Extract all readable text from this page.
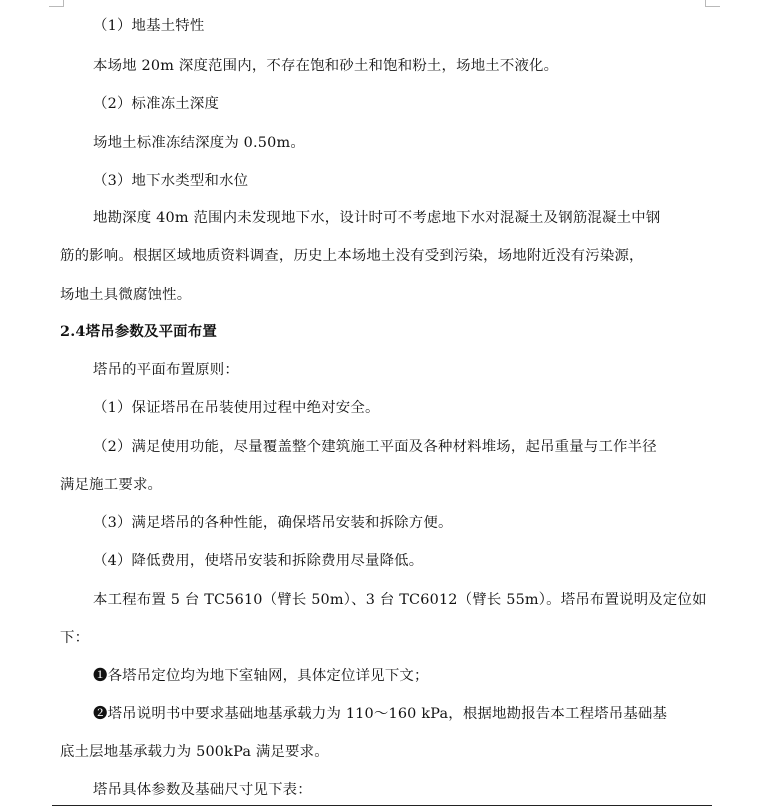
（1）地基土特性
本场地 20m 深度范围内，不存在饱和砂土和饱和粉土，场地土不液化。
（2）标准冻土深度
场地土标准冻结深度为 0.50m。
（3）地下水类型和水位
地勘深度 40m 范围内未发现地下水，设计时可不考虑地下水对混凝土及钢筋混凝土中钢
筋的影响。根据区域地质资料调查，历史上本场地土没有受到污染，场地附近没有污染源，
场地土具微腐蚀性。
2.4塔吊参数及平面布置
塔吊的平面布置原则：
（1）保证塔吊在吊装使用过程中绝对安全。
（2）满足使用功能，尽量覆盖整个建筑施工平面及各种材料堆场，起吊重量与工作半径
满足施工要求。
（3）满足塔吊的各种性能，确保塔吊安装和拆除方便。
（4）降低费用，使塔吊安装和拆除费用尽量降低。
本工程布置 5 台 TC5610（臂长 50m）、3 台 TC6012（臂长 55m）。塔吊布置说明及定位如
下：
❶各塔吊定位均为地下室轴网，具体定位详见下文；
❷塔吊说明书中要求基础地基承载力为 110～160 kPa，根据地勘报告本工程塔吊基础基
底土层地基承载力为 500kPa 满足要求。
塔吊具体参数及基础尺寸见下表：
